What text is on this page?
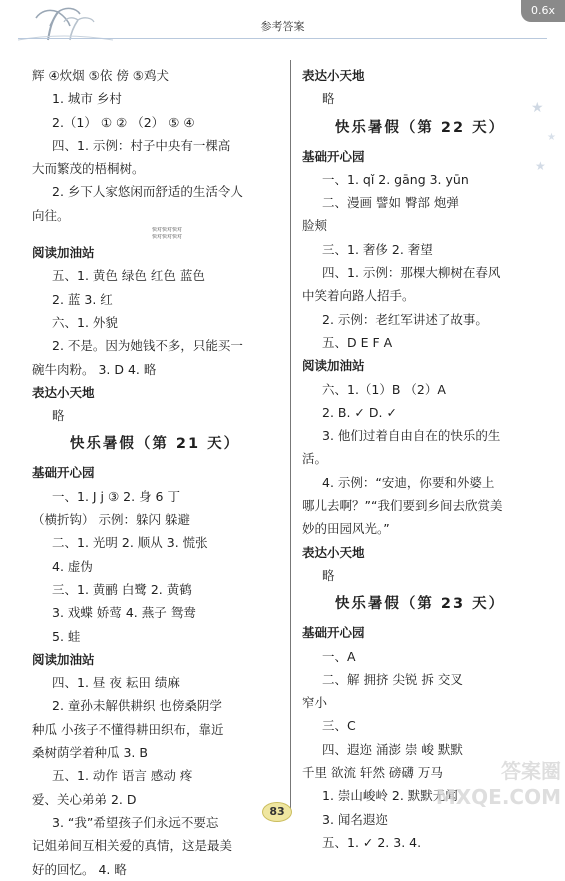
参考答案
0.6x
★
★
★
辉 ④炊烟 ⑤依 傍 ⑤鸡犬
1. 城市 乡村
2.（1） ① ② （2） ⑤ ④
四、1. 示例：村子中央有一棵高
大而繁茂的梧桐树。
2. 乡下人家悠闲而舒适的生活令人
向往。
快对快对快对
快对快对快对
阅读加油站
五、1. 黄色 绿色 红色 蓝色
2. 蓝 3. 红
六、1. 外貌
2. 不是。因为她钱不多，只能买一
碗牛肉粉。 3. D 4. 略
表达小天地
略
快乐暑假（第 21 天）
基础开心园
一、1. J j ③ 2. 身 6 丁
（横折钩） 示例：躲闪 躲避
二、1. 光明 2. 顺从 3. 慌张
4. 虚伪
三、1. 黄鹂 白鹭 2. 黄鹤
3. 戏蝶 娇莺 4. 燕子 鸳鸯
5. 蛙
阅读加油站
四、1. 昼 夜 耘田 绩麻
2. 童孙未解供耕织 也傍桑阴学
种瓜 小孩子不懂得耕田织布，靠近
桑树荫学着种瓜 3. B
五、1. 动作 语言 感动 疼
爱、关心弟弟 2. D
3. “我”希望孩子们永远不要忘
记姐弟间互相关爱的真情，这是最美
好的回忆。 4. 略
表达小天地
略
快乐暑假（第 22 天）
基础开心园
一、1. qǐ 2. gāng 3. yūn
二、漫画 譬如 臀部 炮弹
脸颊
三、1. 奢侈 2. 奢望
四、1. 示例：那棵大柳树在春风
中笑着向路人招手。
2. 示例：老红军讲述了故事。
五、D E F A
阅读加油站
六、1.（1）B （2）A
2. B. ✓ D. ✓
3. 他们过着自由自在的快乐的生
活。
4. 示例：“安迪，你要和外婆上
哪儿去啊？”“我们要到乡间去欣赏美
妙的田园风光。”
表达小天地
略
快乐暑假（第 23 天）
基础开心园
一、A
二、解 拥挤 尖锐 拆 交叉
窄小
三、C
四、遐迩 涌澎 崇 峻 默默
千里 欲流 轩然 磅礴 万马
1. 崇山峻岭 2. 默默无闻
3. 闻名遐迩
五、1. ✓ 2. 3. 4.
83
答案圈
MXQE.COM
